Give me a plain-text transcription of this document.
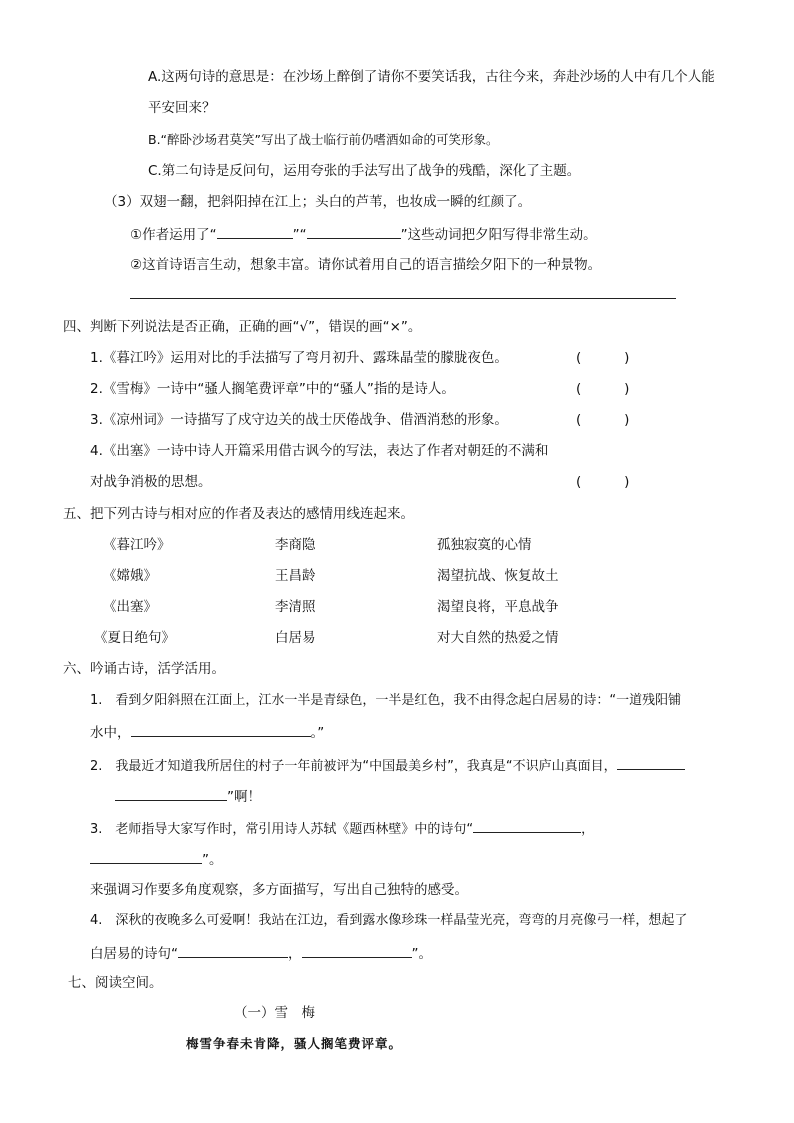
A.这两句诗的意思是：在沙场上醉倒了请你不要笑话我，古往今来，奔赴沙场的人中有几个人能
平安回来？
B.“醉卧沙场君莫笑”写出了战士临行前仍嗜酒如命的可笑形象。
C.第二句诗是反问句，运用夸张的手法写出了战争的残酷，深化了主题。
（3）双翅一翻，把斜阳掉在江上；头白的芦苇，也妆成一瞬的红颜了。
①作者运用了“	”“	”这些动词把夕阳写得非常生动。
②这首诗语言生动，想象丰富。请你试着用自己的语言描绘夕阳下的一种景物。
四、判断下列说法是否正确，正确的画“√”，错误的画“×”。
1.《暮江吟》运用对比的手法描写了弯月初升、露珠晶莹的朦胧夜色。	(          )
2.《雪梅》一诗中“骚人搁笔费评章”中的“骚人”指的是诗人。	(          )
3.《凉州词》一诗描写了戍守边关的战士厌倦战争、借酒消愁的形象。	(          )
4.《出塞》一诗中诗人开篇采用借古讽今的写法，表达了作者对朝廷的不满和
对战争消极的思想。	(          )
五、把下列古诗与相对应的作者及表达的感情用线连起来。
《暮江吟》	李商隐	孤独寂寞的心情
《嫦娥》	王昌龄	渴望抗战、恢复故土
《出塞》	李清照	渴望良将，平息战争
《夏日绝句》	白居易	对大自然的热爱之情
六、吟诵古诗，活学活用。
1.　看到夕阳斜照在江面上，江水一半是青绿色，一半是红色，我不由得念起白居易的诗：“一道残阳铺
水中，	。”
2.　我最近才知道我所居住的村子一年前被评为“中国最美乡村”，我真是“不识庐山真面目，
”啊！
3.　老师指导大家写作时，常引用诗人苏轼《题西林壁》中的诗句“	，
”。
来强调习作要多角度观察，多方面描写，写出自己独特的感受。
4.　深秋的夜晚多么可爱啊！我站在江边，看到露水像珍珠一样晶莹光亮，弯弯的月亮像弓一样，想起了
白居易的诗句“	，	”。
七、阅读空间。
（一）雪　梅
梅雪争春未肯降，骚人搁笔费评章。
